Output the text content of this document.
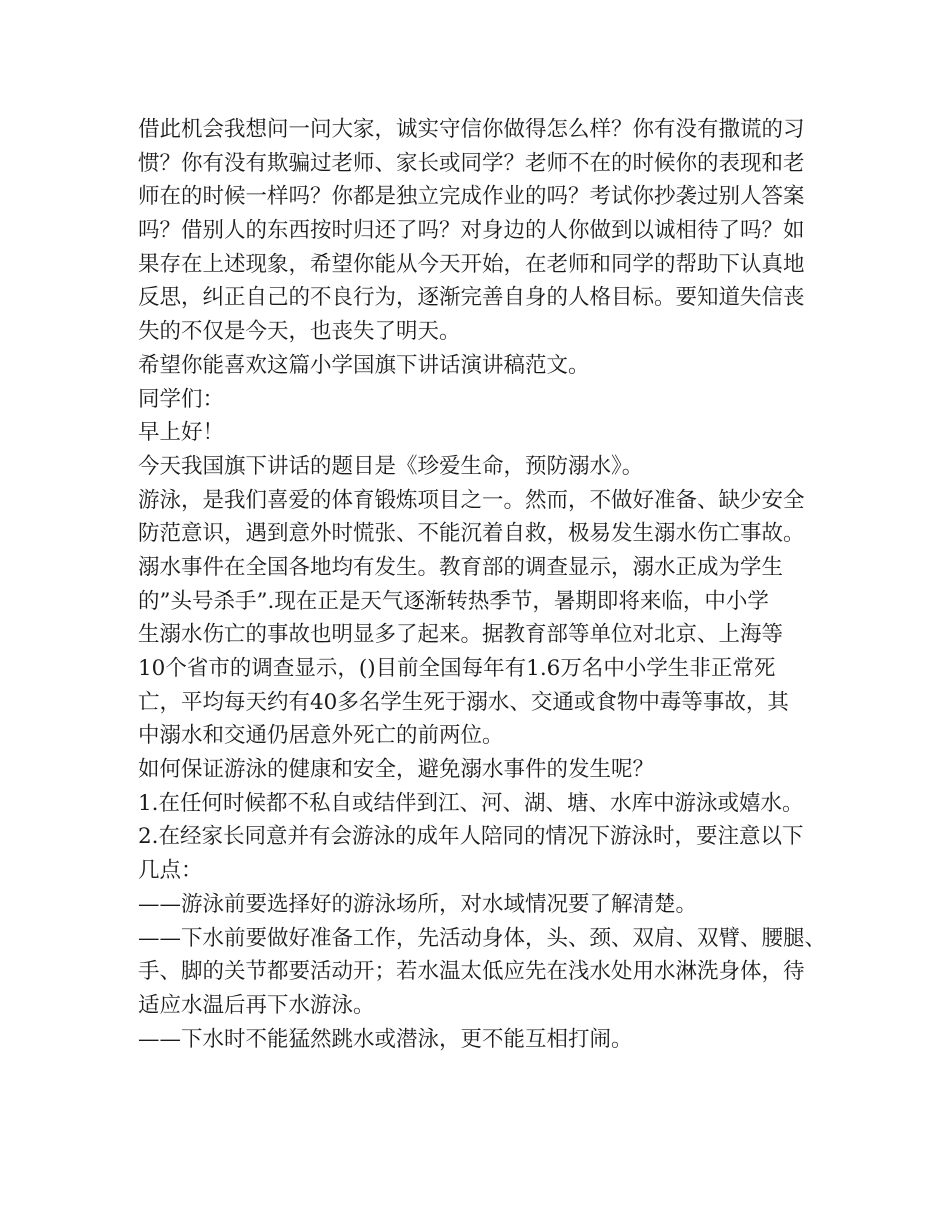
借此机会我想问一问大家，诚实守信你做得怎么样？你有没有撒谎的习
惯？你有没有欺骗过老师、家长或同学？老师不在的时候你的表现和老
师在的时候一样吗？你都是独立完成作业的吗？考试你抄袭过别人答案
吗？借别人的东西按时归还了吗？对身边的人你做到以诚相待了吗？如
果存在上述现象，希望你能从今天开始，在老师和同学的帮助下认真地
反思，纠正自己的不良行为，逐渐完善自身的人格目标。要知道失信丧
失的不仅是今天，也丧失了明天。
希望你能喜欢这篇小学国旗下讲话演讲稿范文。
同学们：
早上好！
今天我国旗下讲话的题目是《珍爱生命，预防溺水》。
游泳，是我们喜爱的体育锻炼项目之一。然而，不做好准备、缺少安全
防范意识，遇到意外时慌张、不能沉着自救，极易发生溺水伤亡事故。
溺水事件在全国各地均有发生。教育部的调查显示，溺水正成为学生
的”头号杀手”.现在正是天气逐渐转热季节，暑期即将来临，中小学
生溺水伤亡的事故也明显多了起来。据教育部等单位对北京、上海等
10个省市的调查显示，()目前全国每年有1.6万名中小学生非正常死
亡，平均每天约有40多名学生死于溺水、交通或食物中毒等事故，其
中溺水和交通仍居意外死亡的前两位。
如何保证游泳的健康和安全，避免溺水事件的发生呢？
1.在任何时候都不私自或结伴到江、河、湖、塘、水库中游泳或嬉水。
2.在经家长同意并有会游泳的成年人陪同的情况下游泳时，要注意以下
几点：
——游泳前要选择好的游泳场所，对水域情况要了解清楚。
——下水前要做好准备工作，先活动身体，头、颈、双肩、双臂、腰腿、
手、脚的关节都要活动开；若水温太低应先在浅水处用水淋洗身体，待
适应水温后再下水游泳。
——下水时不能猛然跳水或潜泳，更不能互相打闹。
